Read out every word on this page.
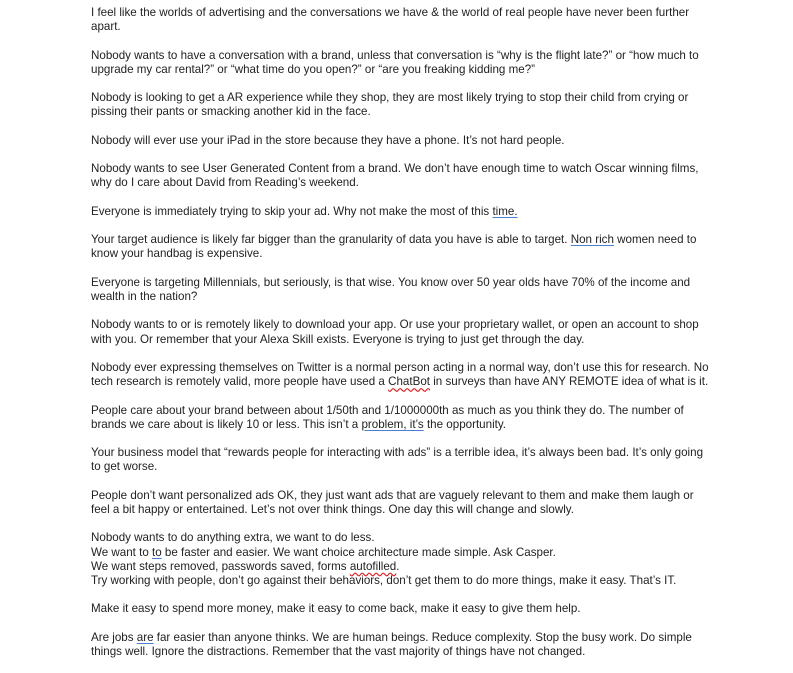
I feel like the worlds of advertising and the conversations we have & the world of real people have never been further apart.

Nobody wants to have a conversation with a brand, unless that conversation is “why is the flight late?” or “how much to upgrade my car rental?” or “what time do you open?” or “are you freaking kidding me?”

Nobody is looking to get a AR experience while they shop, they are most likely trying to stop their child from crying or pissing their pants or smacking another kid in the face.

Nobody will ever use your iPad in the store because they have a phone. It’s not hard people.

Nobody wants to see User Generated Content from a brand. We don’t have enough time to watch Oscar winning films, why do I care about David from Reading’s weekend.

Everyone is immediately trying to skip your ad. Why not make the most of this time.

Your target audience is likely far bigger than the granularity of data you have is able to target. Non rich women need to know your handbag is expensive.

Everyone is targeting Millennials, but seriously, is that wise. You know over 50 year olds have 70% of the income and wealth in the nation?

Nobody wants to or is remotely likely to download your app. Or use your proprietary wallet, or open an account to shop with you. Or remember that your Alexa Skill exists. Everyone is trying to just get through the day.

Nobody ever expressing themselves on Twitter is a normal person acting in a normal way, don’t use this for research. No tech research is remotely valid, more people have used a ChatBot in surveys than have ANY REMOTE idea of what is it.

People care about your brand between about 1/50th and 1/1000000th as much as you think they do. The number of brands we care about is likely 10 or less. This isn’t a problem, it’s the opportunity.

Your business model that “rewards people for interacting with ads” is a terrible idea, it’s always been bad. It’s only going to get worse.

People don’t want personalized ads OK, they just want ads that are vaguely relevant to them and make them laugh or feel a bit happy or entertained. Let’s not over think things. One day this will change and slowly.

Nobody wants to do anything extra, we want to do less.
We want to to be faster and easier. We want choice architecture made simple. Ask Casper.
We want steps removed, passwords saved, forms autofilled.
Try working with people, don’t go against their behaviors, don’t get them to do more things, make it easy. That’s IT.

Make it easy to spend more money, make it easy to come back, make it easy to give them help.

Are jobs are far easier than anyone thinks. We are human beings. Reduce complexity. Stop the busy work. Do simple things well. Ignore the distractions. Remember that the vast majority of things have not changed.
